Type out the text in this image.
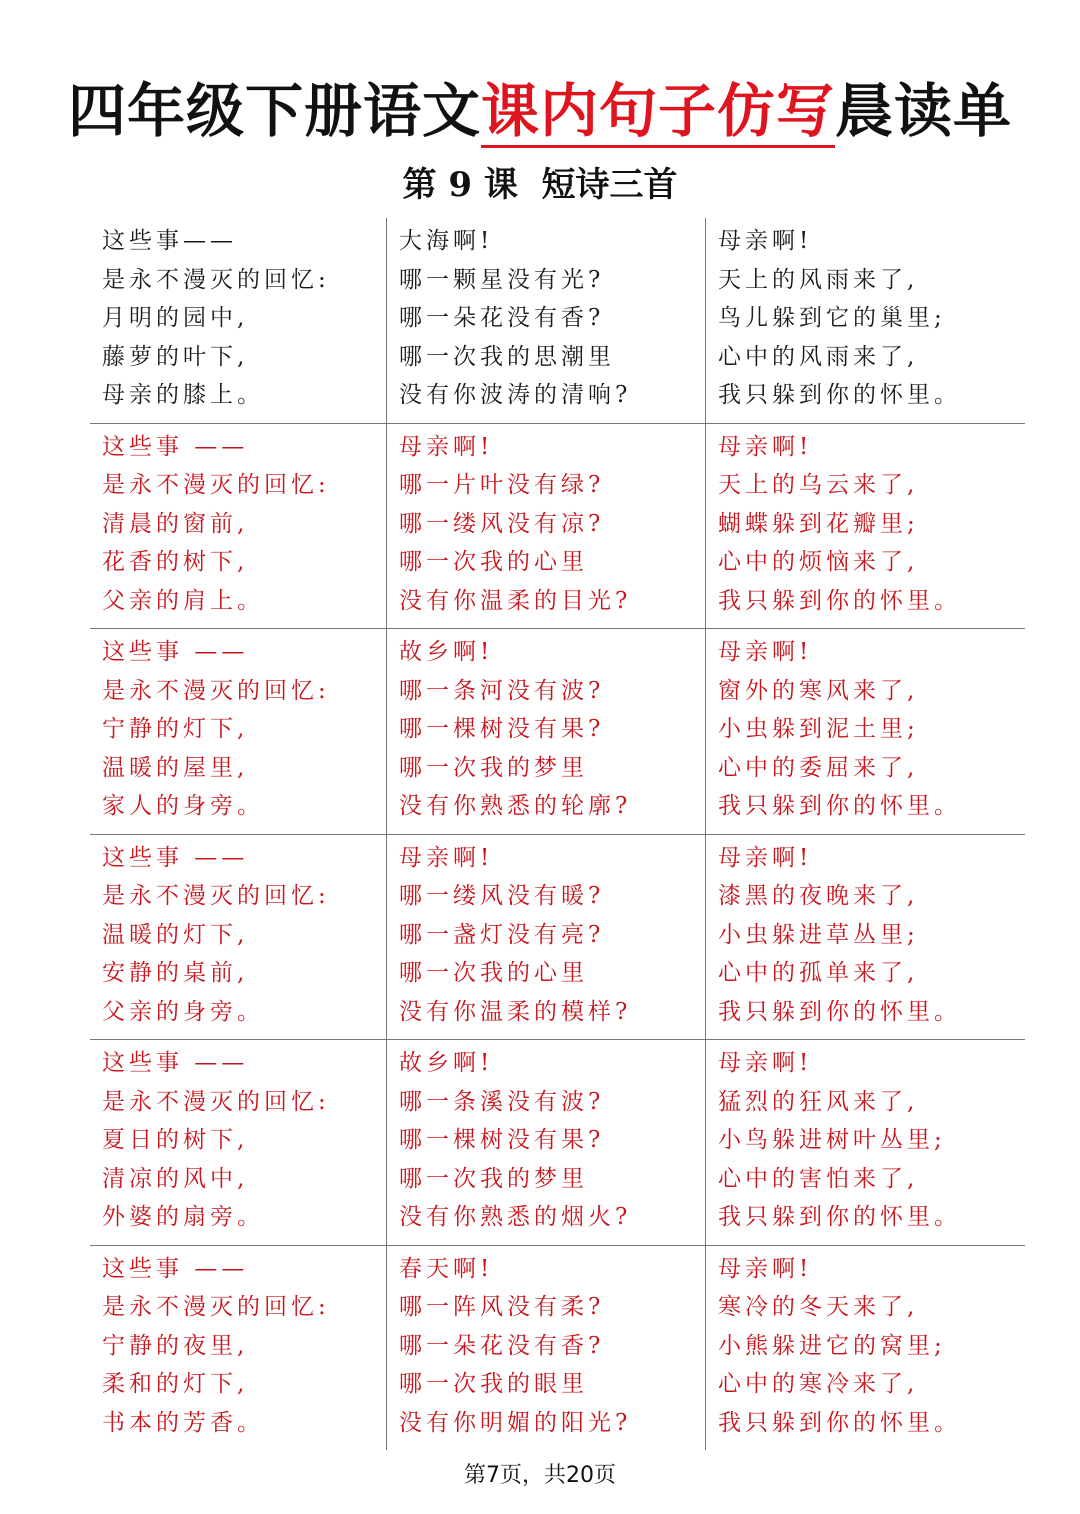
四年级下册语文课内句子仿写晨读单
第 9 课  短诗三首
这些事——
是永不漫灭的回忆:
月明的园中,
藤萝的叶下,
母亲的膝上。
大海啊!
哪一颗星没有光?
哪一朵花没有香?
哪一次我的思潮里
没有你波涛的清响?
母亲啊!
天上的风雨来了,
鸟儿躲到它的巢里;
心中的风雨来了,
我只躲到你的怀里。
这些事 ——
是永不漫灭的回忆:
清晨的窗前,
花香的树下,
父亲的肩上。
母亲啊!
哪一片叶没有绿?
哪一缕风没有凉?
哪一次我的心里
没有你温柔的目光?
母亲啊!
天上的乌云来了,
蝴蝶躲到花瓣里;
心中的烦恼来了,
我只躲到你的怀里。
这些事 ——
是永不漫灭的回忆:
宁静的灯下,
温暖的屋里,
家人的身旁。
故乡啊!
哪一条河没有波?
哪一棵树没有果?
哪一次我的梦里
没有你熟悉的轮廓?
母亲啊!
窗外的寒风来了,
小虫躲到泥土里;
心中的委屈来了,
我只躲到你的怀里。
这些事 ——
是永不漫灭的回忆:
温暖的灯下,
安静的桌前,
父亲的身旁。
母亲啊!
哪一缕风没有暖?
哪一盏灯没有亮?
哪一次我的心里
没有你温柔的模样?
母亲啊!
漆黑的夜晚来了,
小虫躲进草丛里;
心中的孤单来了,
我只躲到你的怀里。
这些事 ——
是永不漫灭的回忆:
夏日的树下,
清凉的风中,
外婆的扇旁。
故乡啊!
哪一条溪没有波?
哪一棵树没有果?
哪一次我的梦里
没有你熟悉的烟火?
母亲啊!
猛烈的狂风来了,
小鸟躲进树叶丛里;
心中的害怕来了,
我只躲到你的怀里。
这些事 ——
是永不漫灭的回忆:
宁静的夜里,
柔和的灯下,
书本的芳香。
春天啊!
哪一阵风没有柔?
哪一朵花没有香?
哪一次我的眼里
没有你明媚的阳光?
母亲啊!
寒冷的冬天来了,
小熊躲进它的窝里;
心中的寒冷来了,
我只躲到你的怀里。
第7页，共20页
